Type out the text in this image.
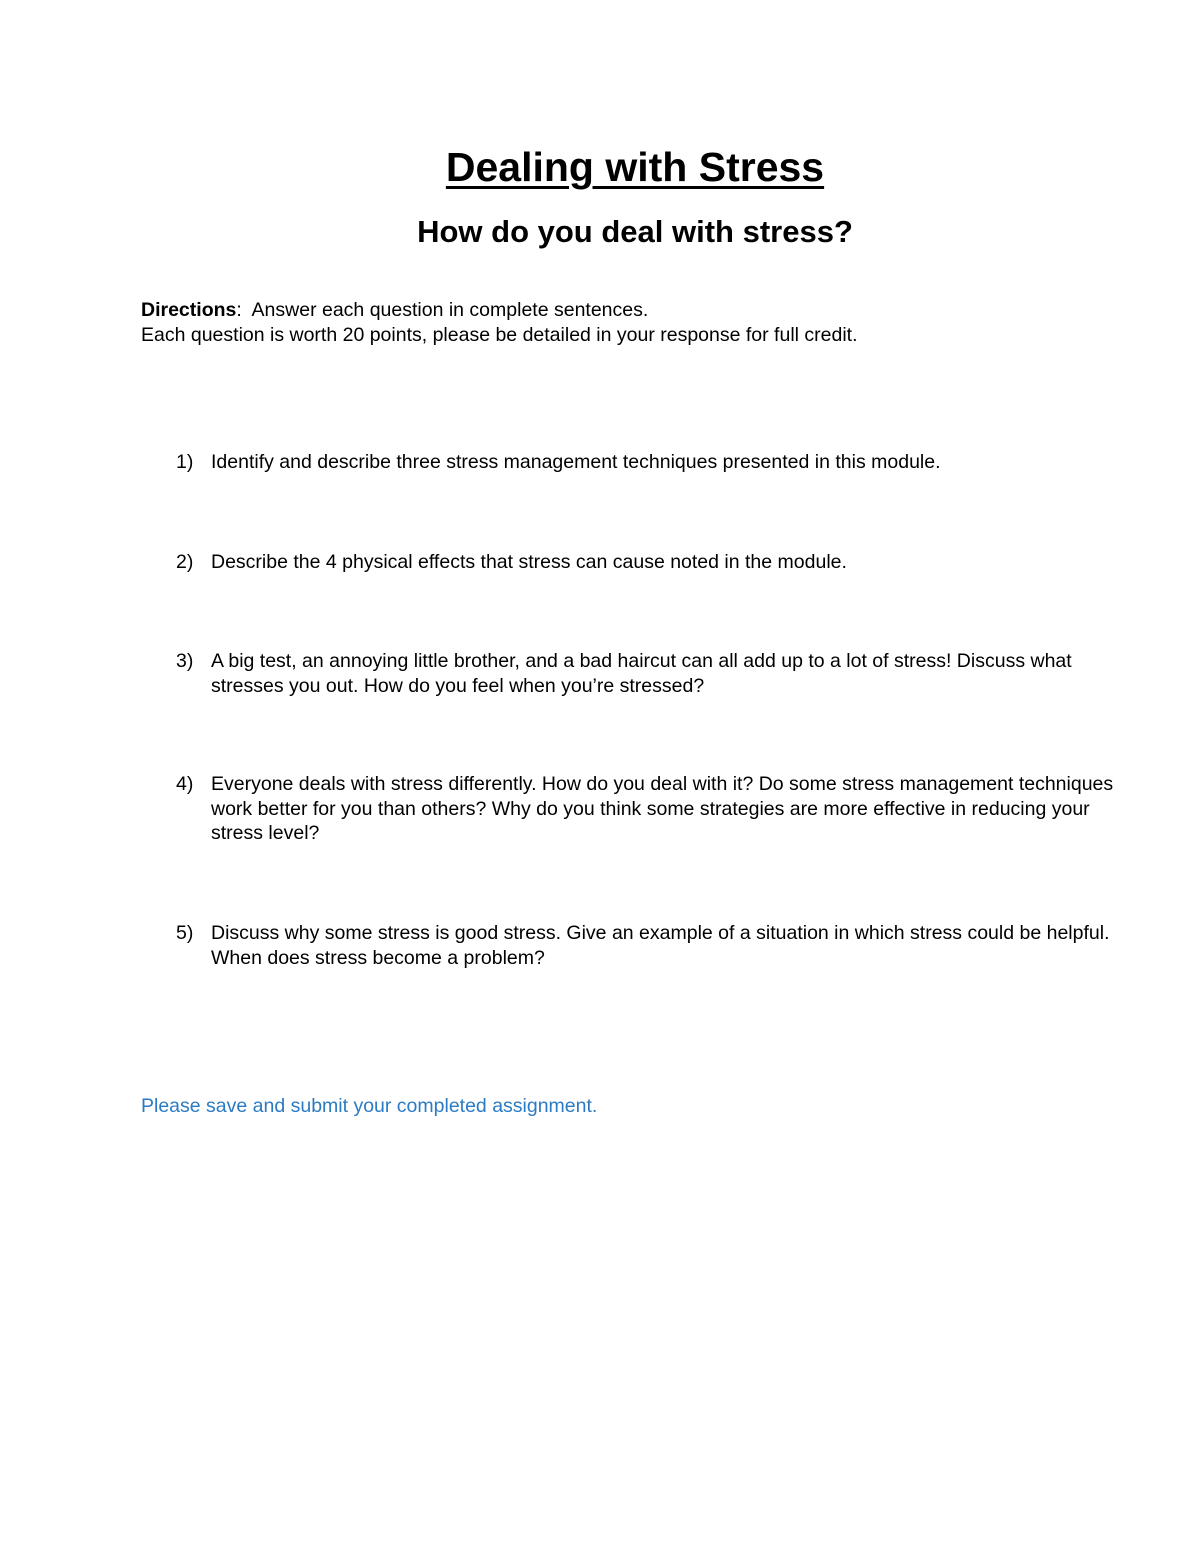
Dealing with Stress
How do you deal with stress?
Directions: Answer each question in complete sentences.
Each question is worth 20 points, please be detailed in your response for full credit.
1) Identify and describe three stress management techniques presented in this module.
2) Describe the 4 physical effects that stress can cause noted in the module.
3) A big test, an annoying little brother, and a bad haircut can all add up to a lot of stress! Discuss what stresses you out. How do you feel when you’re stressed?
4) Everyone deals with stress differently. How do you deal with it? Do some stress management techniques work better for you than others? Why do you think some strategies are more effective in reducing your stress level?
5) Discuss why some stress is good stress. Give an example of a situation in which stress could be helpful. When does stress become a problem?
Please save and submit your completed assignment.
